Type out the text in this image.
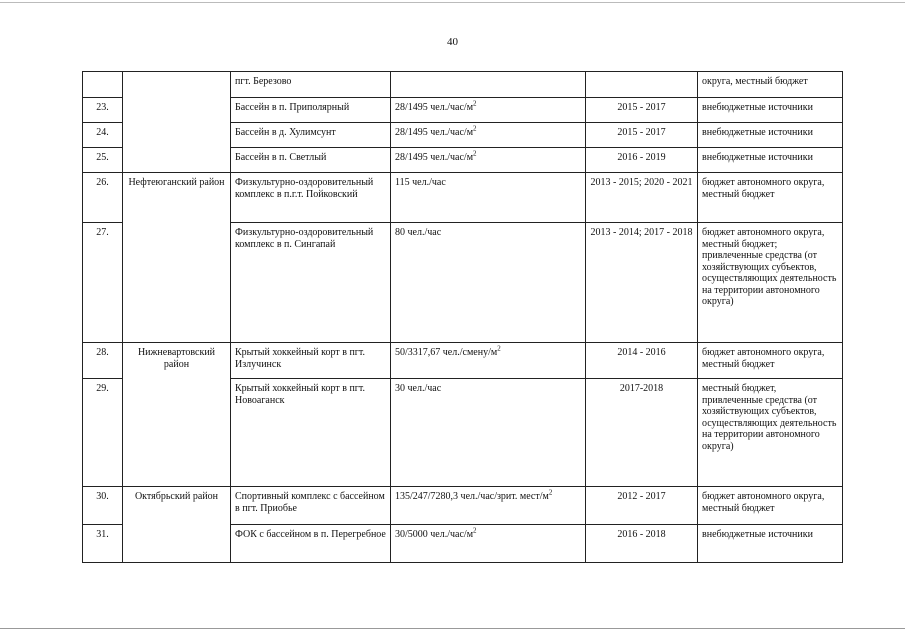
40
		пгт. Березово			округа, местный бюджет
23.		Бассейн в п. Приполярный	28/1495 $чел./час/м^2$	2015 - 2017	внебюджетные источники
24.		Бассейн в д. Хулимсунт	28/1495 $чел./час/м^2$	2015 - 2017	внебюджетные источники
25.		Бассейн в п. Светлый	28/1495 $чел./час/м^2$	2016 - 2019	внебюджетные источники
26.	Нефтеюганский район	Физкультурно-оздоровительный комплекс в п.г.т. Пойковский	115 чел./час	2013 - 2015; 2020 - 2021	бюджет автономного округа, местный бюджет
27.		Физкультурно-оздоровительный комплекс в п. Сингапай	80 чел./час	2013 - 2014; 2017 - 2018	бюджет автономного округа, местный бюджет; привлеченные средства (от хозяйствующих субъектов, осуществляющих деятельность на территории автономного округа)
28.	Нижневартовский район	Крытый хоккейный корт в пгт. Излучинск	50/3317,67 $чел./смену/м^2$	2014 - 2016	бюджет автономного округа, местный бюджет
29.		Крытый хоккейный корт в пгт. Новоаганск	30 чел./час	2017-2018	местный бюджет, привлеченные средства (от хозяйствующих субъектов, осуществляющих деятельность на территории автономного округа)
30.	Октябрьский район	Спортивный комплекс с бассейном в пгт. Приобье	135/247/7280,3 чел./час/зрит. мест/$м^2$	2012 - 2017	бюджет автономного округа, местный бюджет
31.		ФОК с бассейном в п. Перегребное	30/5000 $чел./час/м^2$	2016 - 2018	внебюджетные источники
